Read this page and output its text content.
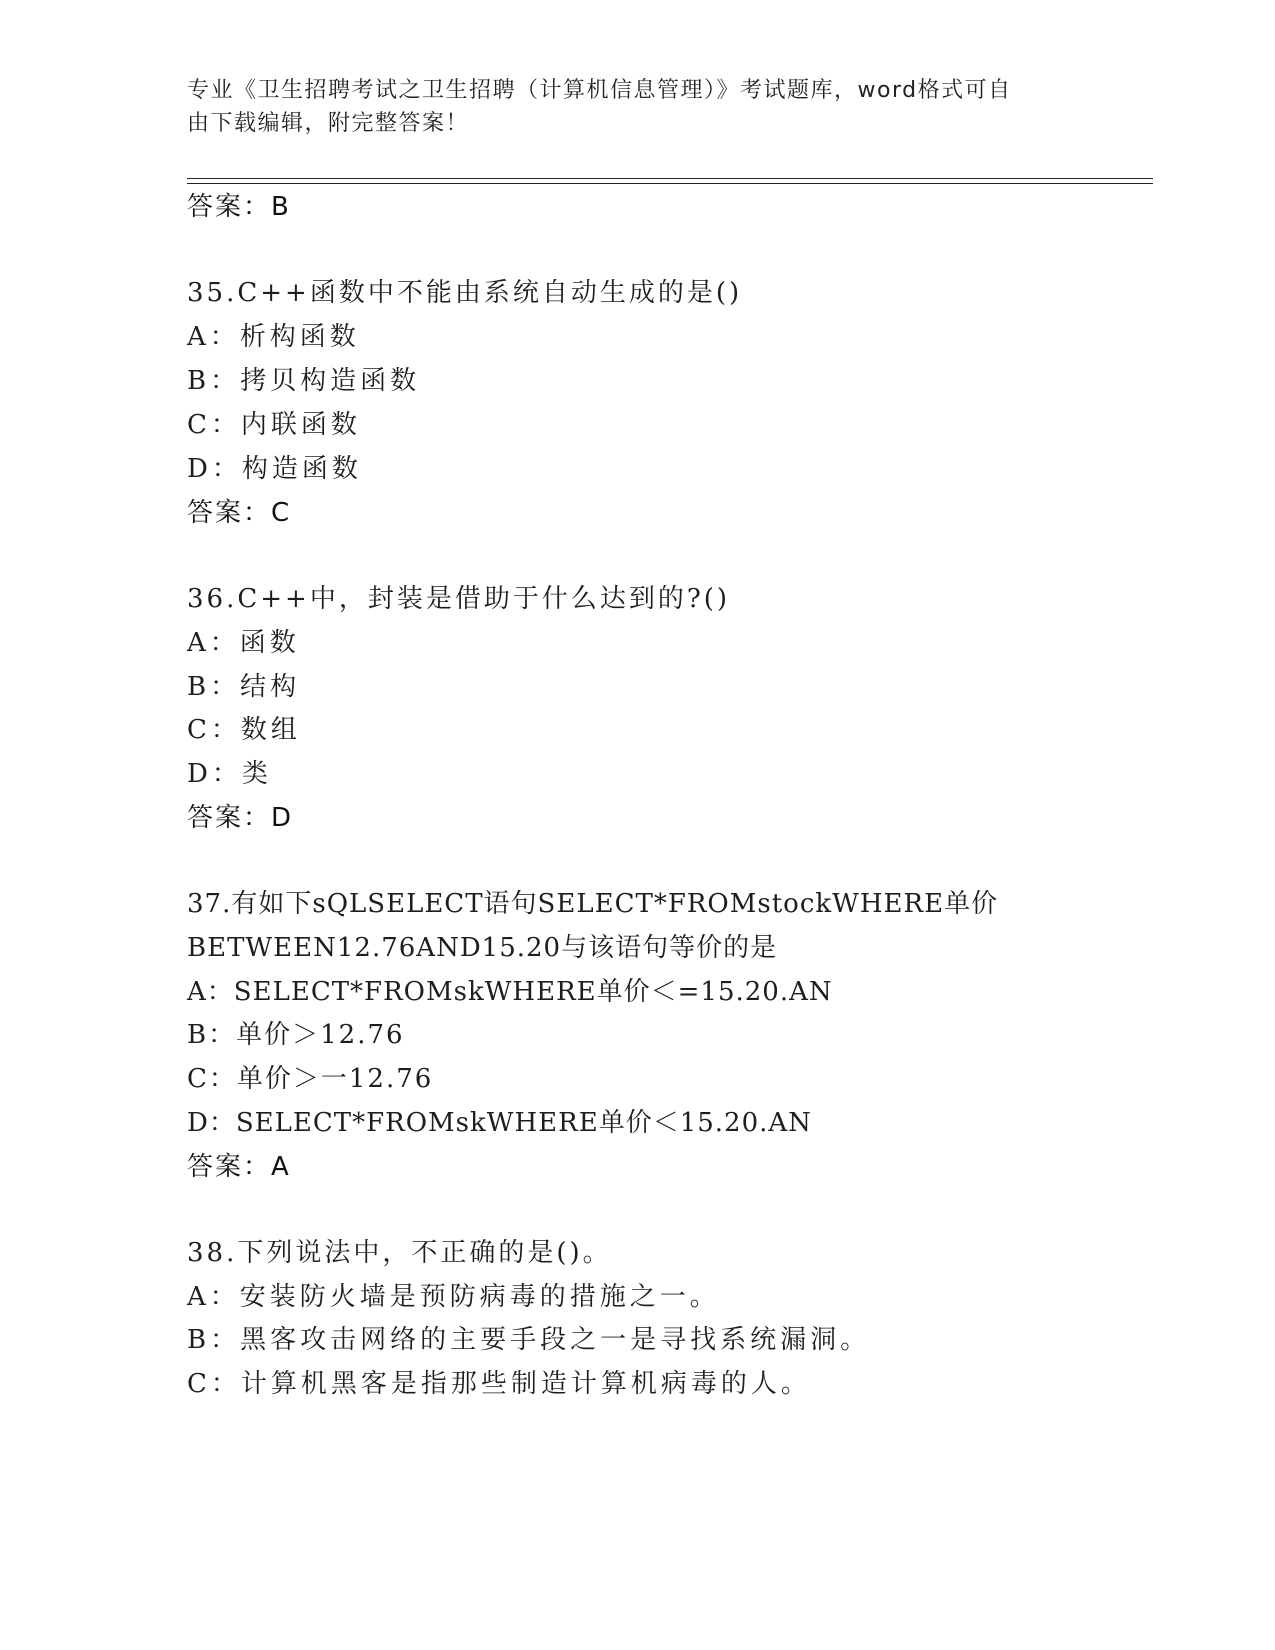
专业《卫生招聘考试之卫生招聘（计算机信息管理）》考试题库，word格式可自
由下载编辑，附完整答案！
答案：B
35.C++函数中不能由系统自动生成的是()
A：析构函数
B：拷贝构造函数
C：内联函数
D：构造函数
答案：C
36.C++中，封装是借助于什么达到的?()
A：函数
B：结构
C：数组
D：类
答案：D
37.有如下sQLSELECT语句SELECT*FROMstockWHERE单价
BETWEEN12.76AND15.20与该语句等价的是
A：SELECT*FROMskWHERE单价＜=15.20.AN
B：单价＞12.76
C：单价＞一12.76
D：SELECT*FROMskWHERE单价＜15.20.AN
答案：A
38.下列说法中，不正确的是()。
A：安装防火墙是预防病毒的措施之一。
B：黑客攻击网络的主要手段之一是寻找系统漏洞。
C：计算机黑客是指那些制造计算机病毒的人。
